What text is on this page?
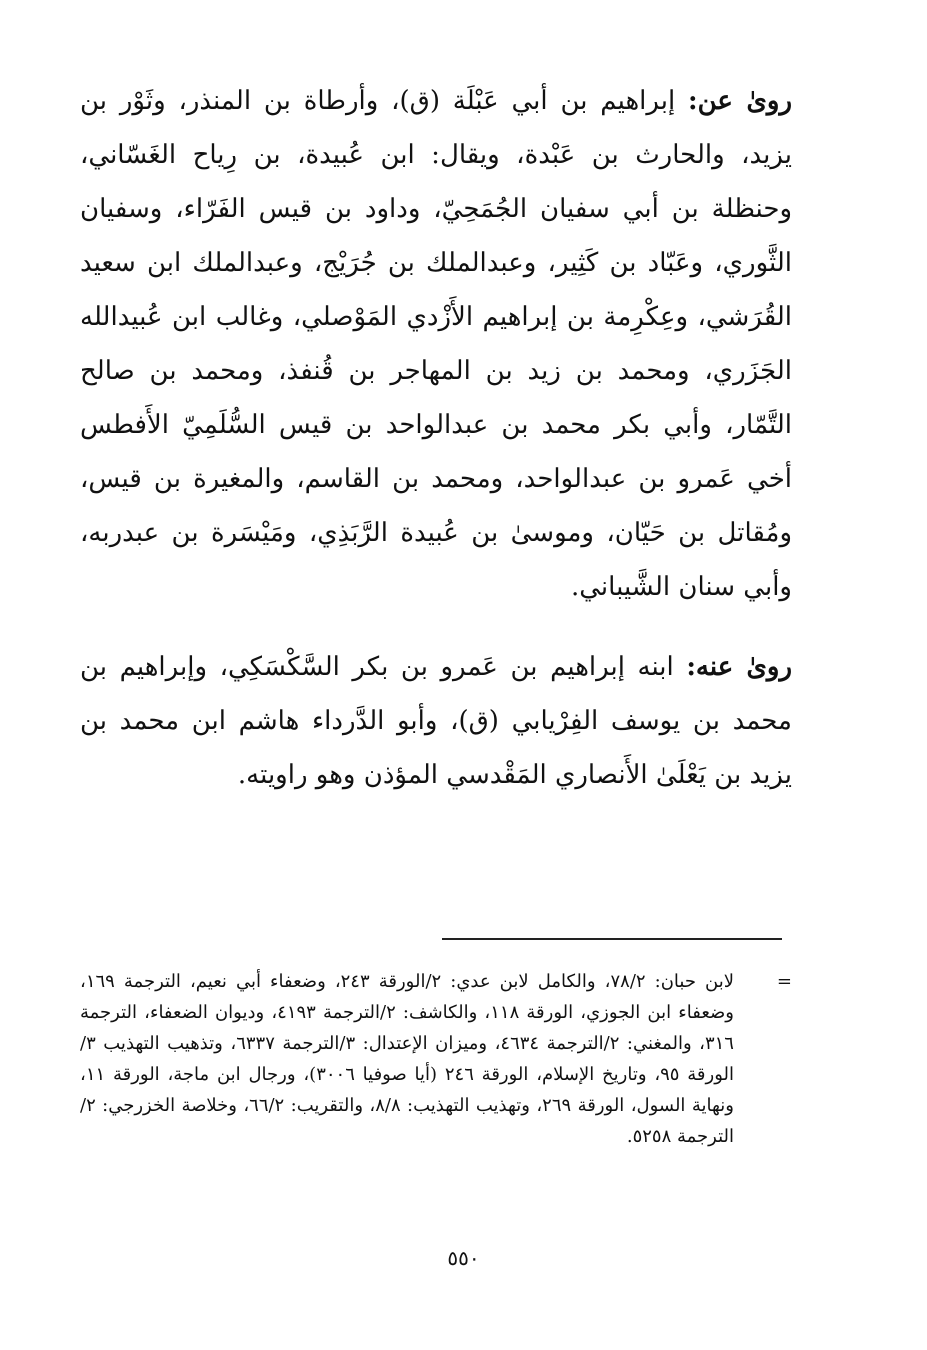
روىٰ عن: إبراهيم بن أبي عَبْلَة (ق)، وأرطاة بن المنذر، وثَوْر بن يزيد، والحارث بن عَبْدة، ويقال: ابن عُبيدة، بن رِياح الغَسّاني، وحنظلة بن أبي سفيان الجُمَحِيّ، وداود بن قيس الفَرّاء، وسفيان الثَّوري، وعَبّاد بن كَثِير، وعبدالملك بن جُرَيْج، وعبدالملك ابن سعيد القُرَشي، وعِكْرِمة بن إبراهيم الأَزْدي المَوْصلي، وغالب ابن عُبيدالله الجَزَري، ومحمد بن زيد بن المهاجر بن قُنفذ، ومحمد بن صالح التَّمّار، وأبي بكر محمد بن عبدالواحد بن قيس السُّلَمِيّ الأَفطس أخي عَمرو بن عبدالواحد، ومحمد بن القاسم، والمغيرة بن قيس، ومُقاتل بن حَيّان، وموسىٰ بن عُبيدة الرَّبَذِي، ومَيْسَرة بن عبدربه، وأبي سنان الشَّيباني.

روىٰ عنه: ابنه إبراهيم بن عَمرو بن بكر السَّكْسَكِي، وإبراهيم بن محمد بن يوسف الفِرْيابي (ق)، وأبو الدَّرداء هاشم ابن محمد بن يزيد بن يَعْلَىٰ الأَنصاري المَقْدسي المؤذن وهو راويته.

=

لابن حبان: ٧٨/٢، والكامل لابن عدي: ٢/الورقة ٢٤٣، وضعفاء أبي نعيم، الترجمة ١٦٩، وضعفاء ابن الجوزي، الورقة ١١٨، والكاشف: ٢/الترجمة ٤١٩٣، وديوان الضعفاء، الترجمة ٣١٦، والمغني: ٢/الترجمة ٤٦٣٤، وميزان الإعتدال: ٣/الترجمة ٦٣٣٧، وتذهيب التهذيب ٣/الورقة ٩٥، وتاريخ الإسلام، الورقة ٢٤٦ (أيا صوفيا ٣٠٠٦)، ورجال ابن ماجة، الورقة ١١، ونهاية السول، الورقة ٢٦٩، وتهذيب التهذيب: ٨/٨، والتقريب: ٦٦/٢، وخلاصة الخزرجي: ٢/الترجمة ٥٢٥٨.

٥٥٠
